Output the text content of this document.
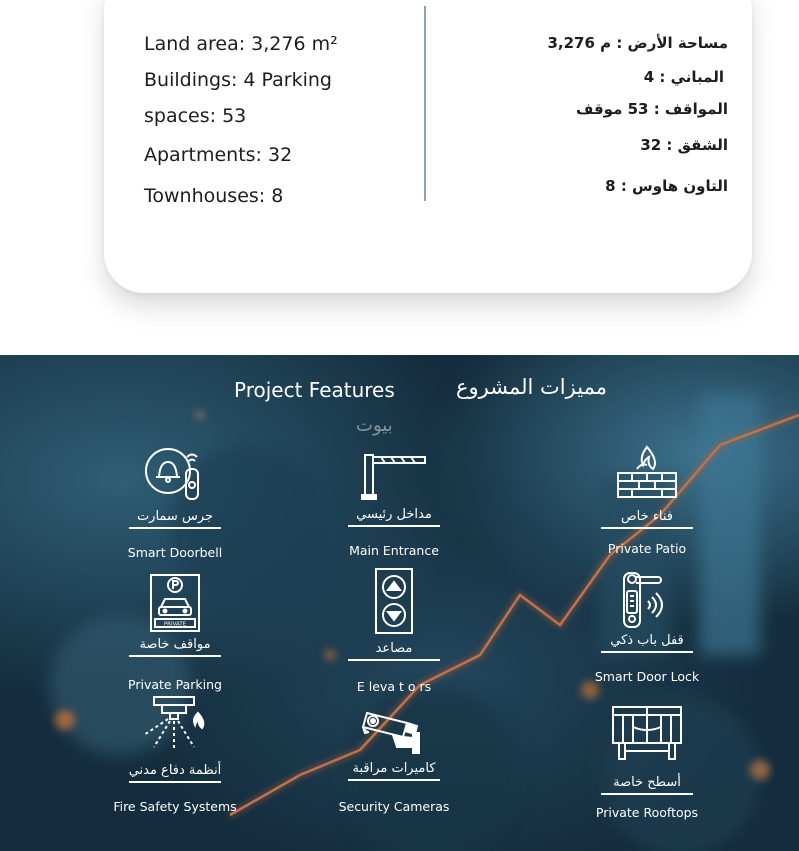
Land area: 3,276 m²
Buildings: 4 Parking
spaces: 53
Apartments: 32
Townhouses: 8
مساحة الأرض : م 3,276
المباني : 4
المواقف : 53 موقف
الشقق : 32
التاون هاوس : 8
Project Features	مميزات المشروع
بيوت
جرس سمارت
Smart Doorbell
مداخل رئيسي
Main Entrance
فناء خاص
Private Patio
PRIVATE
مواقف خاصة
Private Parking
مصاعد
E leva t o rs
قفل باب ذكي
Smart Door Lock
أنظمة دفاع مدني
Fire Safety Systems
كاميرات مراقبة
Security Cameras
أسطح خاصة
Private Rooftops
